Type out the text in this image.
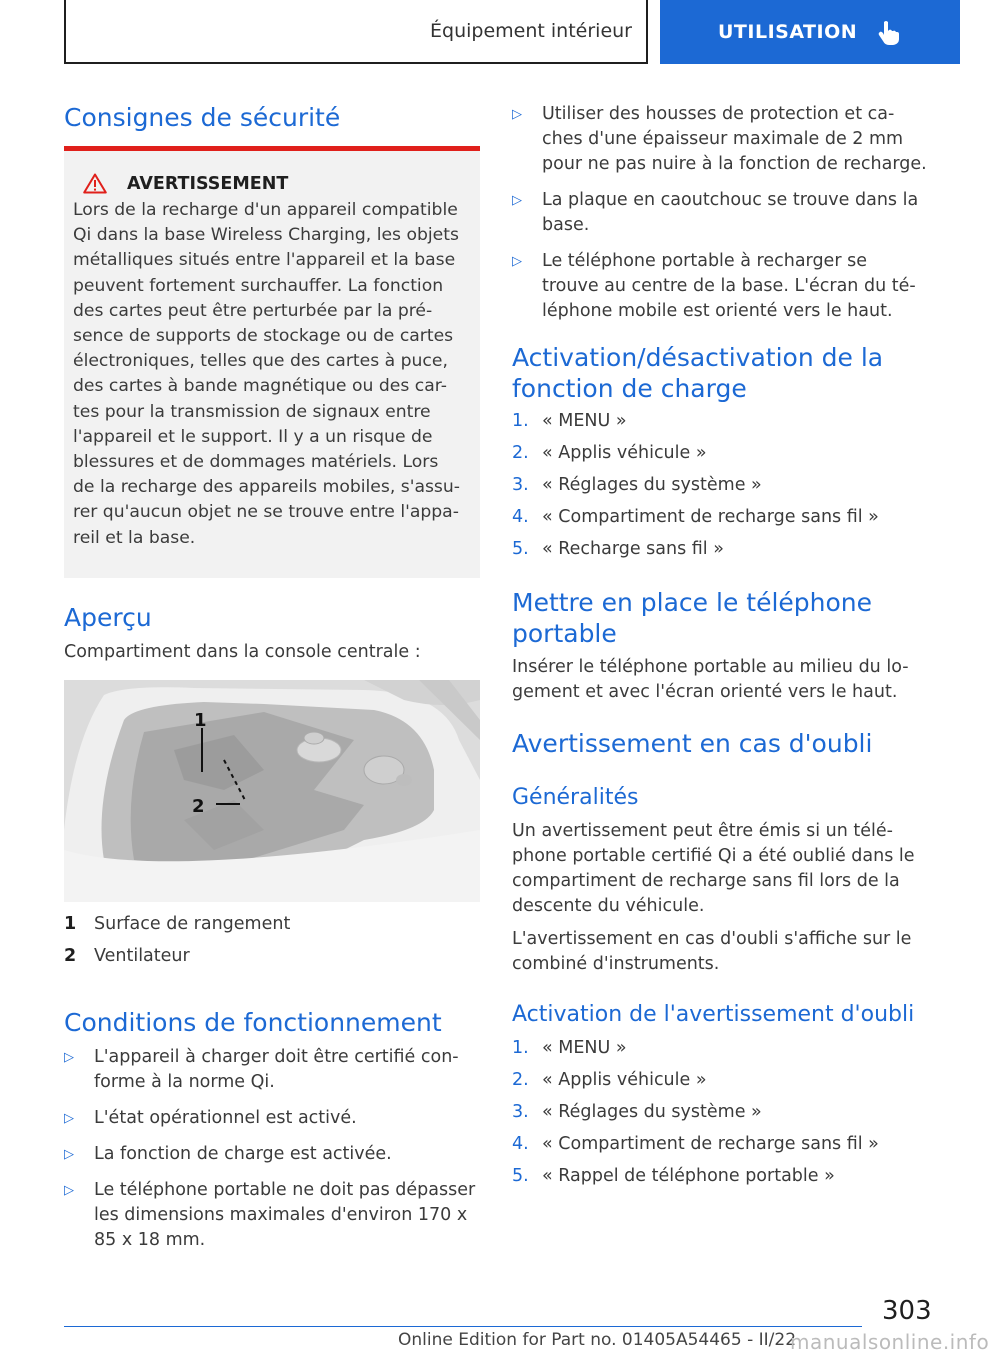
Équipement intérieur	UTILISATION
Consignes de sécurité
AVERTISSEMENT

Lors de la recharge d'un appareil compatible

Qi dans la base Wireless Charging, les objets

métalliques situés entre l'appareil et la base

peuvent fortement surchauffer. La fonction

des cartes peut être perturbée par la pré-

sence de supports de stockage ou de cartes

électroniques, telles que des cartes à puce,

des cartes à bande magnétique ou des car-

tes pour la transmission de signaux entre

l'appareil et le support. Il y a un risque de

blessures et de dommages matériels. Lors

de la recharge des appareils mobiles, s'assu-

rer qu'aucun objet ne se trouve entre l'appa-

reil et la base.

Aperçu

Compartiment dans la console centrale :

1
2
1 Surface de rangement
2 Ventilateur
Conditions de fonctionnement
▷ L'appareil à charger doit être certifié con-
forme à la norme Qi.
▷ L'état opérationnel est activé.
▷ La fonction de charge est activée.
▷ Le téléphone portable ne doit pas dépasser
les dimensions maximales d'environ 170 x
85 x 18 mm.
▷ Utiliser des housses de protection et ca-
ches d'une épaisseur maximale de 2 mm
pour ne pas nuire à la fonction de recharge.
▷ La plaque en caoutchouc se trouve dans la
base.
▷ Le téléphone portable à recharger se
trouve au centre de la base. L'écran du té-
léphone mobile est orienté vers le haut.
Activation/désactivation de la
fonction de charge
1. « MENU »
2. « Applis véhicule »
3. « Réglages du système »
4. « Compartiment de recharge sans fil »
5. « Recharge sans fil »
Mettre en place le téléphone
portable

Insérer le téléphone portable au milieu du lo-

gement et avec l'écran orienté vers le haut.

Avertissement en cas d'oubli
Généralités

Un avertissement peut être émis si un télé-

phone portable certifié Qi a été oublié dans le

compartiment de recharge sans fil lors de la

descente du véhicule.

L'avertissement en cas d'oubli s'affiche sur le

combiné d'instruments.

Activation de l'avertissement d'oubli
1. « MENU »
2. « Applis véhicule »
3. « Réglages du système »
4. « Compartiment de recharge sans fil »
5. « Rappel de téléphone portable »
303
Online Edition for Part no. 01405A54465 - II/22
manualsonline.info
